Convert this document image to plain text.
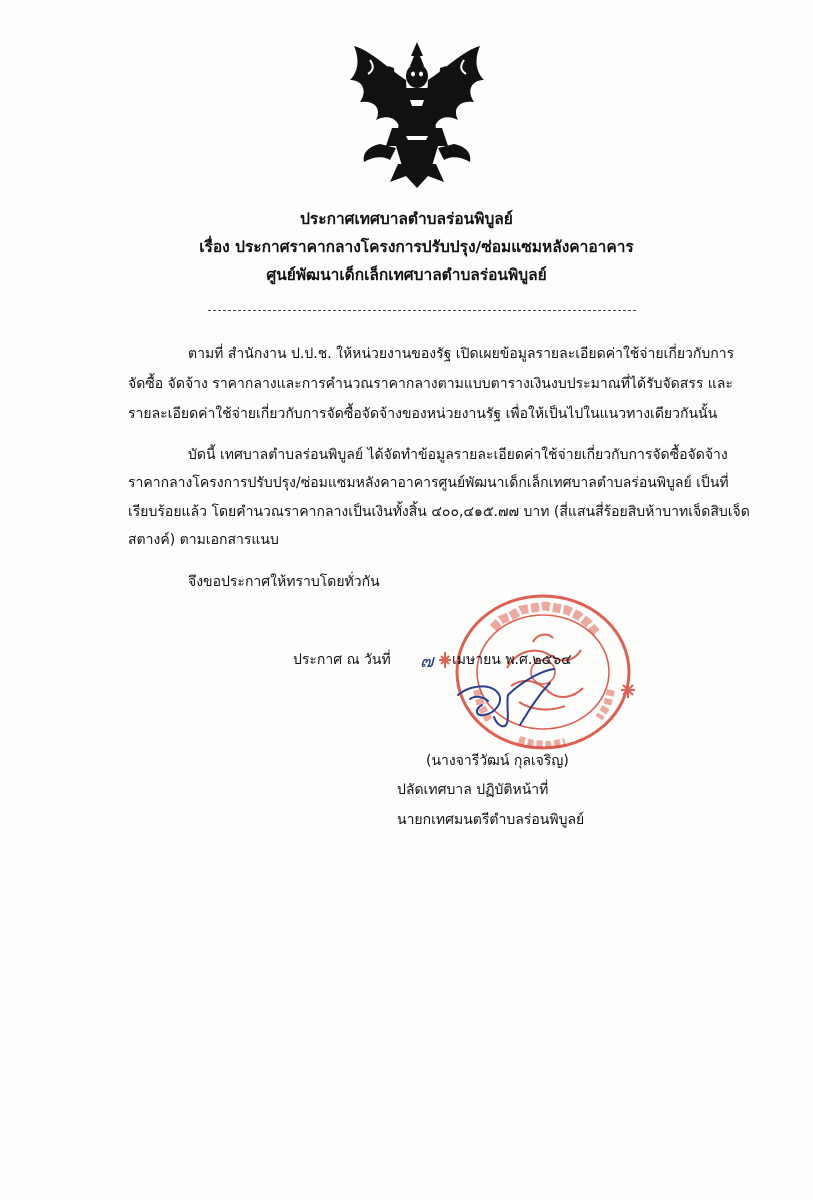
ประกาศเทศบาลตำบลร่อนพิบูลย์
เรื่อง ประกาศราคากลางโครงการปรับปรุง/ซ่อมแซมหลังคาอาคาร
ศูนย์พัฒนาเด็กเล็กเทศบาลตำบลร่อนพิบูลย์
ตามที่ สำนักงาน ป.ป.ช. ให้หน่วยงานของรัฐ เปิดเผยข้อมูลรายละเอียดค่าใช้จ่ายเกี่ยวกับการ
จัดซื้อ จัดจ้าง ราคากลางและการคำนวณราคากลางตามแบบตารางเงินงบประมาณที่ได้รับจัดสรร และ
รายละเอียดค่าใช้จ่ายเกี่ยวกับการจัดซื้อจัดจ้างของหน่วยงานรัฐ เพื่อให้เป็นไปในแนวทางเดียวกันนั้น
บัดนี้ เทศบาลตำบลร่อนพิบูลย์ ได้จัดทำข้อมูลรายละเอียดค่าใช้จ่ายเกี่ยวกับการจัดซื้อจัดจ้าง
ราคากลางโครงการปรับปรุง/ซ่อมแซมหลังคาอาคารศูนย์พัฒนาเด็กเล็กเทศบาลตำบลร่อนพิบูลย์ เป็นที่
เรียบร้อยแล้ว โดยคำนวณราคากลางเป็นเงินทั้งสิ้น ๔๐๐,๔๑๕.๗๗ บาท (สี่แสนสี่ร้อยสิบห้าบาทเจ็ดสิบเจ็ด
สตางค์) ตามเอกสารแนบ
จึงขอประกาศให้ทราบโดยทั่วกัน
ประกาศ ณ วันที่ ๗ เมษายน พ.ศ.๒๕๖๔
(นางจารีวัฒน์ กุลเจริญ)
ปลัดเทศบาล ปฏิบัติหน้าที่
นายกเทศมนตรีตำบลร่อนพิบูลย์
